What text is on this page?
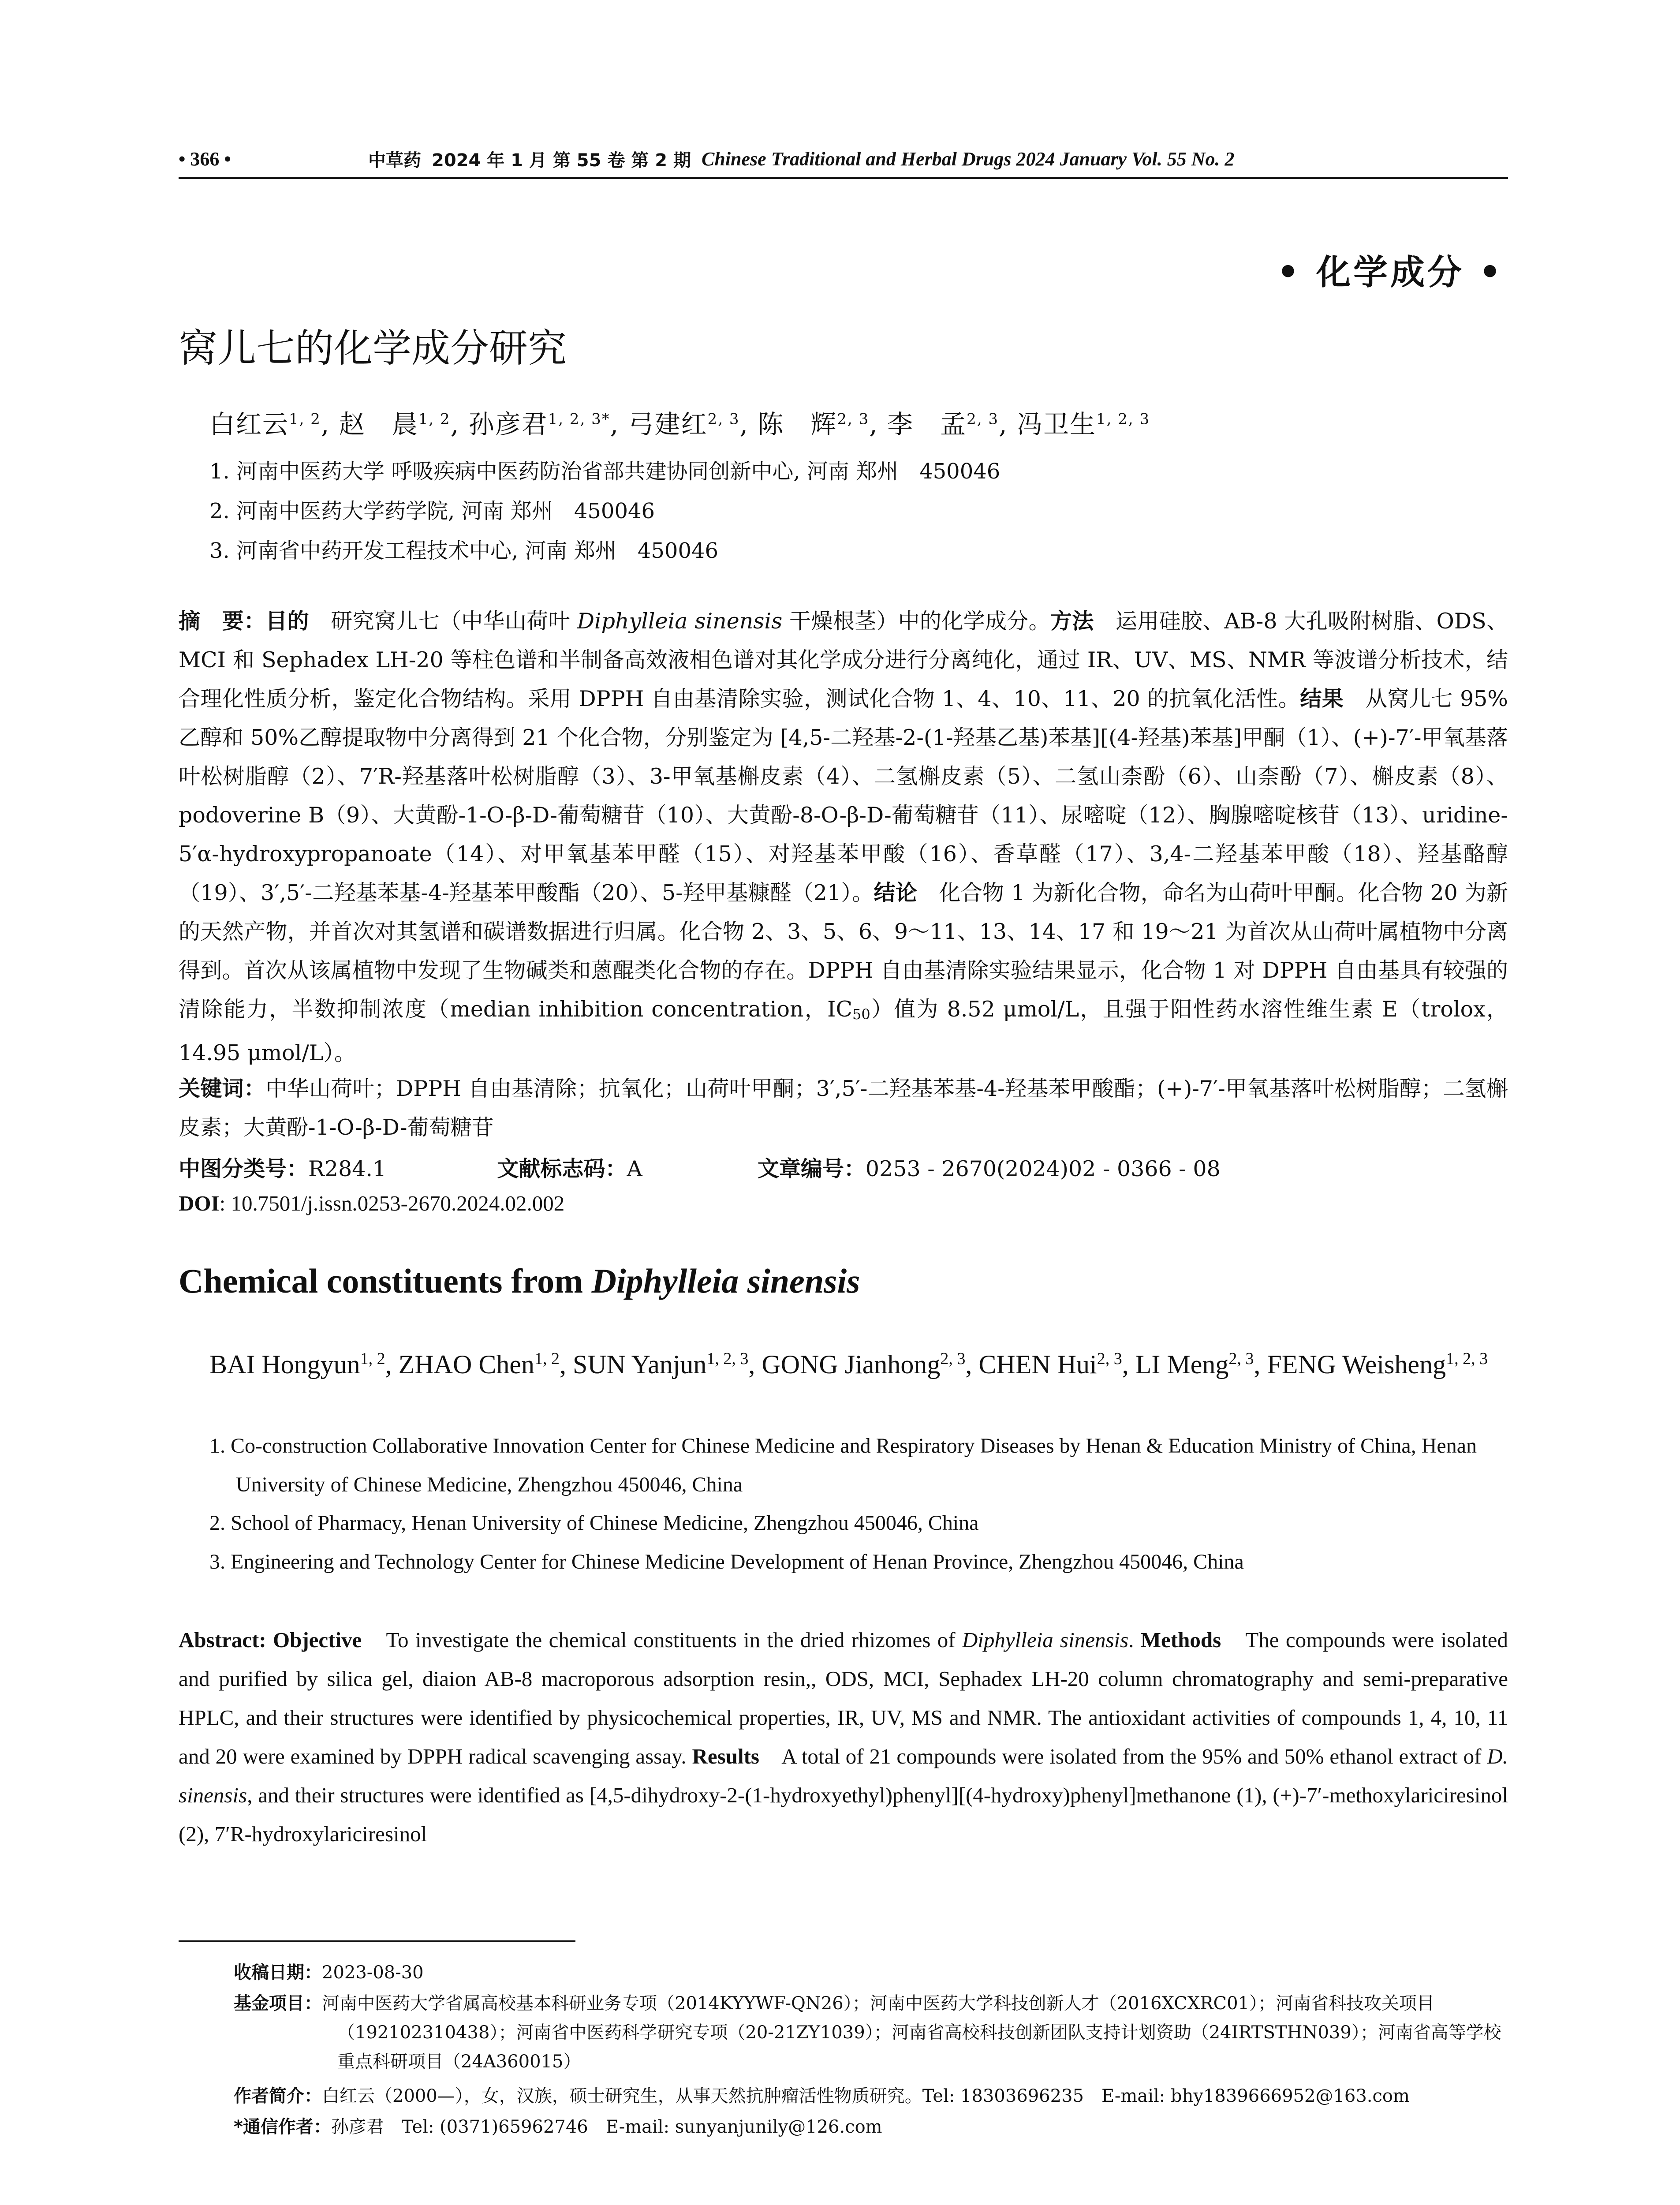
• 366 •	中草药 2024 年 1 月 第 55 卷 第 2 期 Chinese Traditional and Herbal Drugs 2024 January Vol. 55 No. 2
• 化学成分 •
窝儿七的化学成分研究
白红云$^{1, 2}$, 赵　晨$^{1, 2}$, 孙彦君$^{1, 2, 3*}$, 弓建红$^{2, 3}$, 陈　辉$^{2, 3}$, 李　孟$^{2, 3}$, 冯卫生$^{1, 2, 3}$
1. 河南中医药大学 呼吸疾病中医药防治省部共建协同创新中心, 河南 郑州　450046
2. 河南中医药大学药学院, 河南 郑州　450046
3. 河南省中药开发工程技术中心, 河南 郑州　450046
摘　要：目的　研究窝儿七（中华山荷叶 Diphylleia sinensis 干燥根茎）中的化学成分。方法　运用硅胶、AB-8 大孔吸附树脂、ODS、MCI 和 Sephadex LH-20 等柱色谱和半制备高效液相色谱对其化学成分进行分离纯化，通过 IR、UV、MS、NMR 等波谱分析技术，结合理化性质分析，鉴定化合物结构。采用 DPPH 自由基清除实验，测试化合物 1、4、10、11、20 的抗氧化活性。结果　从窝儿七 95%乙醇和 50%乙醇提取物中分离得到 21 个化合物，分别鉴定为 [4,5-二羟基-2-(1-羟基乙基)苯基][(4-羟基)苯基]甲酮（1）、(+)-7′-甲氧基落叶松树脂醇（2）、7′R-羟基落叶松树脂醇（3）、3-甲氧基槲皮素（4）、二氢槲皮素（5）、二氢山柰酚（6）、山柰酚（7）、槲皮素（8）、podoverine B（9）、大黄酚-1-O-β-D-葡萄糖苷（10）、大黄酚-8-O-β-D-葡萄糖苷（11）、尿嘧啶（12）、胸腺嘧啶核苷（13）、uridine-5′α-hydroxypropanoate（14）、对甲氧基苯甲醛（15）、对羟基苯甲酸（16）、香草醛（17）、3,4-二羟基苯甲酸（18）、羟基酪醇（19）、3′,5′-二羟基苯基-4-羟基苯甲酸酯（20）、5-羟甲基糠醛（21）。结论　化合物 1 为新化合物，命名为山荷叶甲酮。化合物 20 为新的天然产物，并首次对其氢谱和碳谱数据进行归属。化合物 2、3、5、6、9～11、13、14、17 和 19～21 为首次从山荷叶属植物中分离得到。首次从该属植物中发现了生物碱类和蒽醌类化合物的存在。DPPH 自由基清除实验结果显示，化合物 1 对 DPPH 自由基具有较强的清除能力，半数抑制浓度（median inhibition concentration，IC50）值为 8.52 μmol/L，且强于阳性药水溶性维生素 E（trolox，14.95 μmol/L）。
关键词：中华山荷叶；DPPH 自由基清除；抗氧化；山荷叶甲酮；3′,5′-二羟基苯基-4-羟基苯甲酸酯；(+)-7′-甲氧基落叶松树脂醇；二氢槲皮素；大黄酚-1-O-β-D-葡萄糖苷
中图分类号：R284.1	文献标志码：A	文章编号：0253 - 2670(2024)02 - 0366 - 08
DOI: 10.7501/j.issn.0253-2670.2024.02.002
Chemical constituents from Diphylleia sinensis
BAI Hongyun$^{1, 2}$, ZHAO Chen$^{1, 2}$, SUN Yanjun$^{1, 2, 3}$, GONG Jianhong$^{2, 3}$, CHEN Hui$^{2, 3}$, LI Meng$^{2, 3}$, FENG Weisheng$^{1, 2, 3}$
1. Co-construction Collaborative Innovation Center for Chinese Medicine and Respiratory Diseases by Henan & Education Ministry of China, Henan University of Chinese Medicine, Zhengzhou 450046, China
2. School of Pharmacy, Henan University of Chinese Medicine, Zhengzhou 450046, China
3. Engineering and Technology Center for Chinese Medicine Development of Henan Province, Zhengzhou 450046, China
Abstract: Objective　To investigate the chemical constituents in the dried rhizomes of Diphylleia sinensis. Methods　The compounds were isolated and purified by silica gel, diaion AB-8 macroporous adsorption resin,, ODS, MCI, Sephadex LH-20 column chromatography and semi-preparative HPLC, and their structures were identified by physicochemical properties, IR, UV, MS and NMR. The antioxidant activities of compounds 1, 4, 10, 11 and 20 were examined by DPPH radical scavenging assay. Results　A total of 21 compounds were isolated from the 95% and 50% ethanol extract of D. sinensis, and their structures were identified as [4,5-dihydroxy-2-(1-hydroxyethyl)phenyl][(4-hydroxy)phenyl]methanone (1), (+)-7′-methoxylariciresinol (2), 7′R-hydroxylariciresinol
收稿日期：2023-08-30
基金项目：河南中医药大学省属高校基本科研业务专项（2014KYYWF-QN26）；河南中医药大学科技创新人才（2016XCXRC01）；河南省科技攻关项目（192102310438）；河南省中医药科学研究专项（20-21ZY1039）；河南省高校科技创新团队支持计划资助（24IRTSTHN039）；河南省高等学校重点科研项目（24A360015）
作者简介：白红云（2000—），女，汉族，硕士研究生，从事天然抗肿瘤活性物质研究。Tel: 18303696235　E-mail: bhy1839666952@163.com
*通信作者：孙彦君　Tel: (0371)65962746　E-mail: sunyanjunily@126.com
